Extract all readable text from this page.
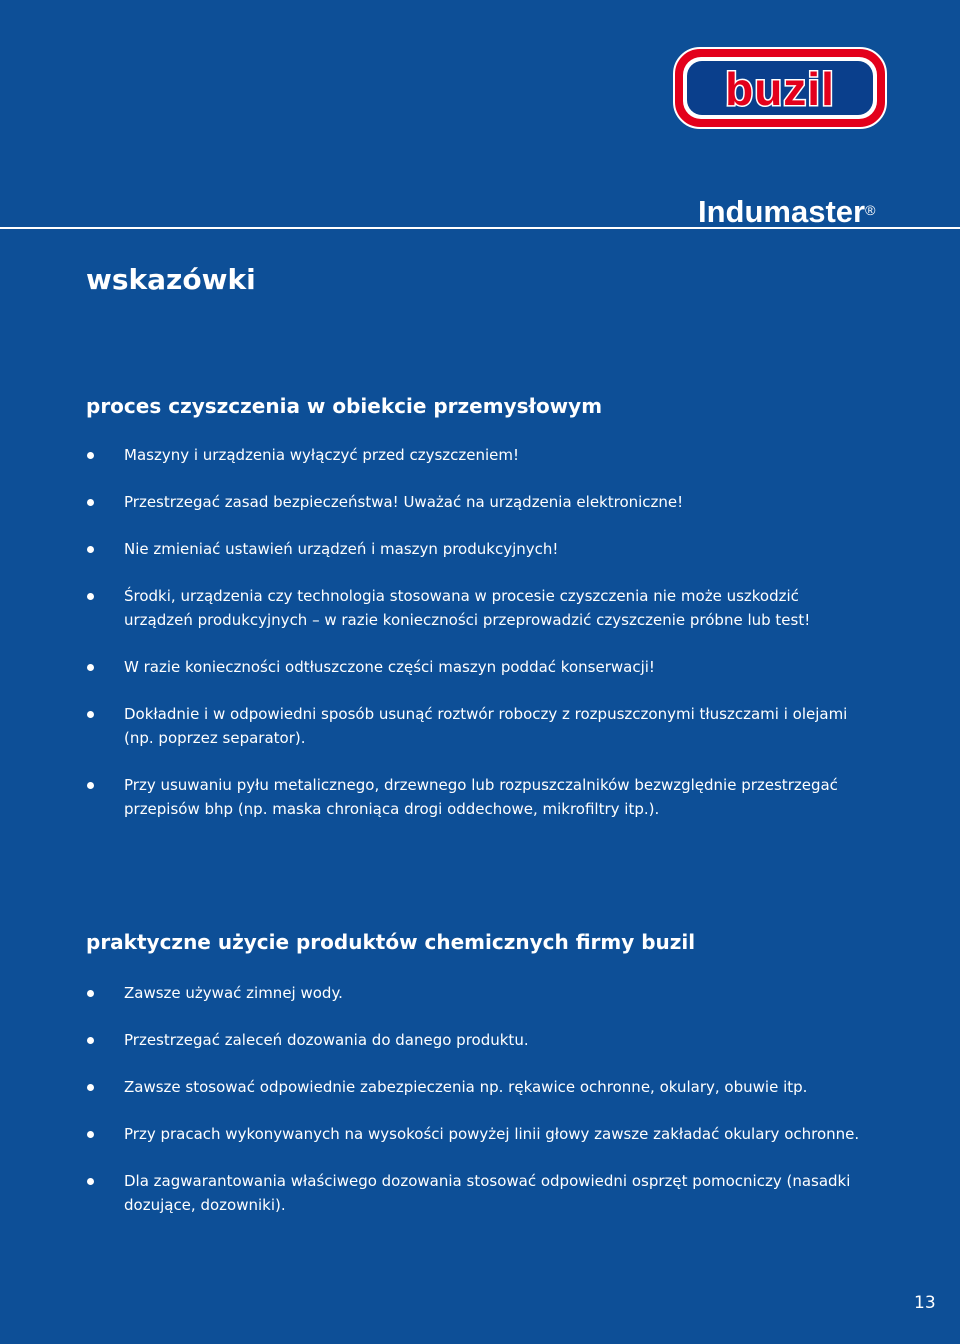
buzil
Indumaster®
wskazówki
proces czyszczenia w obiekcie przemysłowym
Maszyny i urządzenia wyłączyć przed czyszczeniem!
Przestrzegać zasad bezpieczeństwa! Uważać na urządzenia elektroniczne!
Nie zmieniać ustawień urządzeń i maszyn produkcyjnych!
Środki, urządzenia czy technologia stosowana w procesie czyszczenia nie może uszkodzić urządzeń produkcyjnych – w razie konieczności przeprowadzić czyszczenie próbne lub test!
W razie konieczności odtłuszczone części maszyn poddać konserwacji!
Dokładnie i w odpowiedni sposób usunąć roztwór roboczy z rozpuszczonymi tłuszczami i olejami (np. poprzez separator).
Przy usuwaniu pyłu metalicznego, drzewnego lub rozpuszczalników bezwzględnie przestrzegać przepisów bhp (np. maska chroniąca drogi oddechowe, mikrofiltry itp.).
praktyczne użycie produktów chemicznych firmy buzil
Zawsze używać zimnej wody.
Przestrzegać zaleceń dozowania do danego produktu.
Zawsze stosować odpowiednie zabezpieczenia np. rękawice ochronne, okulary, obuwie itp.
Przy pracach wykonywanych na wysokości powyżej linii głowy zawsze zakładać okulary ochronne.
Dla zagwarantowania właściwego dozowania stosować odpowiedni osprzęt pomocniczy (nasadki dozujące, dozowniki).
13
